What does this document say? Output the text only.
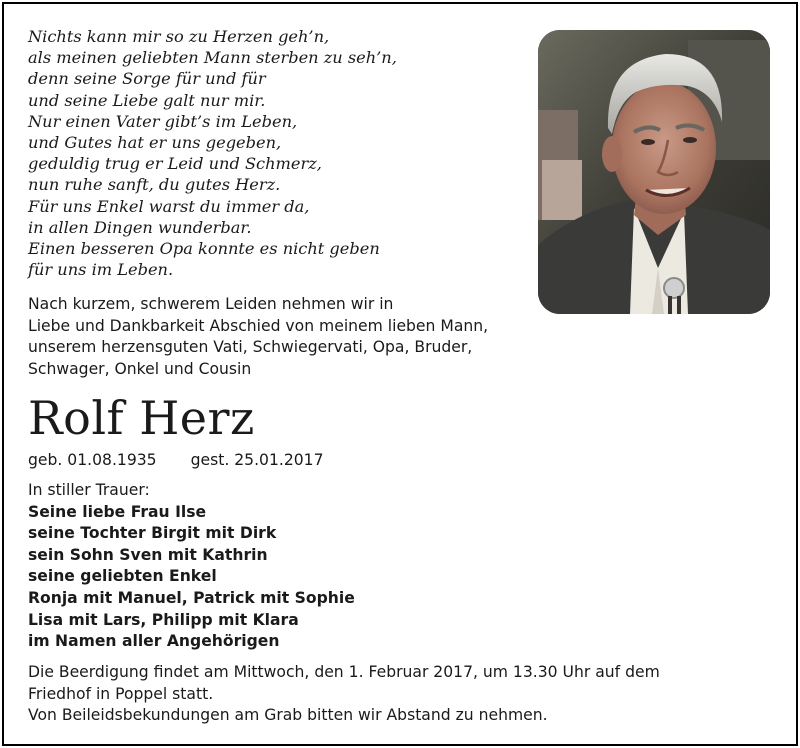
Nichts kann mir so zu Herzen geh’n,
als meinen geliebten Mann sterben zu seh’n,
denn seine Sorge für und für
und seine Liebe galt nur mir.
Nur einen Vater gibt’s im Leben,
und Gutes hat er uns gegeben,
geduldig trug er Leid und Schmerz,
nun ruhe sanft, du gutes Herz.
Für uns Enkel warst du immer da,
in allen Dingen wunderbar.
Einen besseren Opa konnte es nicht geben
für uns im Leben.
Nach kurzem, schwerem Leiden nehmen wir in
Liebe und Dankbarkeit Abschied von meinem lieben Mann,
unserem herzensguten Vati, Schwiegervati, Opa, Bruder,
Schwager, Onkel und Cousin
Rolf Herz
geb. 01.08.1935 gest. 25.01.2017
In stiller Trauer:
Seine liebe Frau Ilse
seine Tochter Birgit mit Dirk
sein Sohn Sven mit Kathrin
seine geliebten Enkel
Ronja mit Manuel, Patrick mit Sophie
Lisa mit Lars, Philipp mit Klara
im Namen aller Angehörigen
Die Beerdigung findet am Mittwoch, den 1. Februar 2017, um 13.30 Uhr auf dem
Friedhof in Poppel statt.
Von Beileidsbekundungen am Grab bitten wir Abstand zu nehmen.
